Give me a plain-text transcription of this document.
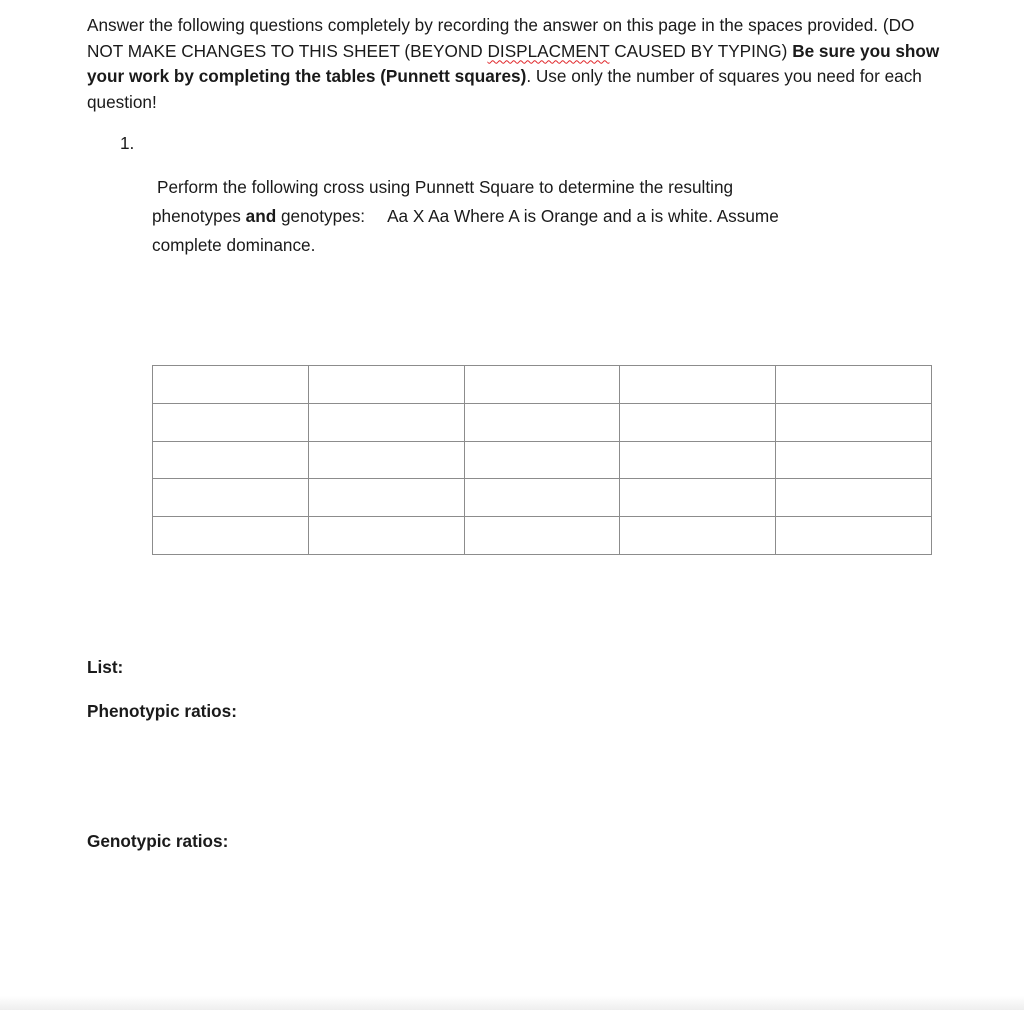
Answer the following questions completely by recording the answer on this page in the spaces provided. (DO NOT MAKE CHANGES TO THIS SHEET (BEYOND DISPLACMENT CAUSED BY TYPING) Be sure you show your work by completing the tables (Punnett squares). Use only the number of squares you need for each question!
1.
Perform the following cross using Punnett Square to determine the resulting
phenotypes and genotypes: Aa X Aa Where A is Orange and a is white. Assume
complete dominance.

List:
Phenotypic ratios:
Genotypic ratios:
